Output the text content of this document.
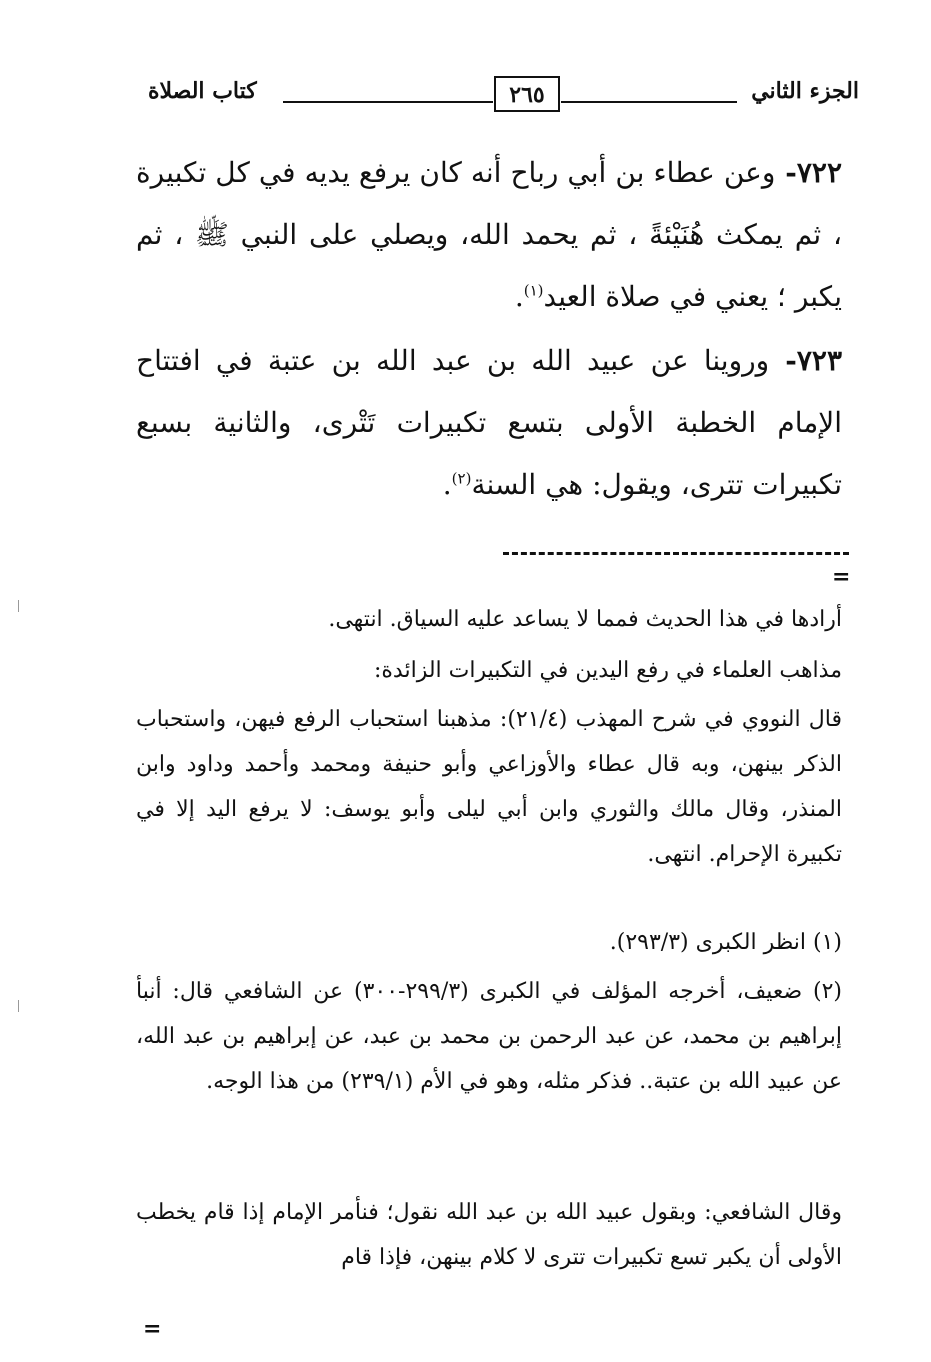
الجزء الثاني
٢٦٥
كتاب الصلاة

٧٢٢- وعن عطاء بن أبي رباح أنه كان يرفع يديه في كل تكبيرة ، ثم يمكث هُنَيْئةً ، ثم يحمد الله، ويصلي على النبي ﷺ ، ثم يكبر ؛ يعني في صلاة العيد$^{(١)}$.

٧٢٣- وروينا عن عبيد الله بن عبد الله بن عتبة في افتتاح الإمام الخطبة الأولى بتسع تكبيرات تَتْرى، والثانية بسبع تكبيرات تترى، ويقول: هي السنة$^{(٢)}$.

=

أرادها في هذا الحديث فمما لا يساعد عليه السياق. انتهى.

مذاهب العلماء في رفع اليدين في التكبيرات الزائدة:

قال النووي في شرح المهذب (٢١/٤): مذهبنا استحباب الرفع فيهن، واستحباب الذكر بينهن، وبه قال عطاء والأوزاعي وأبو حنيفة ومحمد وأحمد وداود وابن المنذر، وقال مالك والثوري وابن أبي ليلى وأبو يوسف: لا يرفع اليد إلا في تكبيرة الإحرام. انتهى.

(١) انظر الكبرى (٢٩٣/٣).

(٢) ضعيف، أخرجه المؤلف في الكبرى (٢٩٩/٣-٣٠٠) عن الشافعي قال: أنبأ إبراهيم بن محمد، عن عبد الرحمن بن محمد بن عبد، عن إبراهيم بن عبد الله، عن عبيد الله بن عتبة.. فذكر مثله، وهو في الأم (٢٣٩/١) من هذا الوجه.

وقال الشافعي: وبقول عبيد الله بن عبد الله نقول؛ فنأمر الإمام إذا قام يخطب الأولى أن يكبر تسع تكبيرات تترى لا كلام بينهن، فإذا قام

=
